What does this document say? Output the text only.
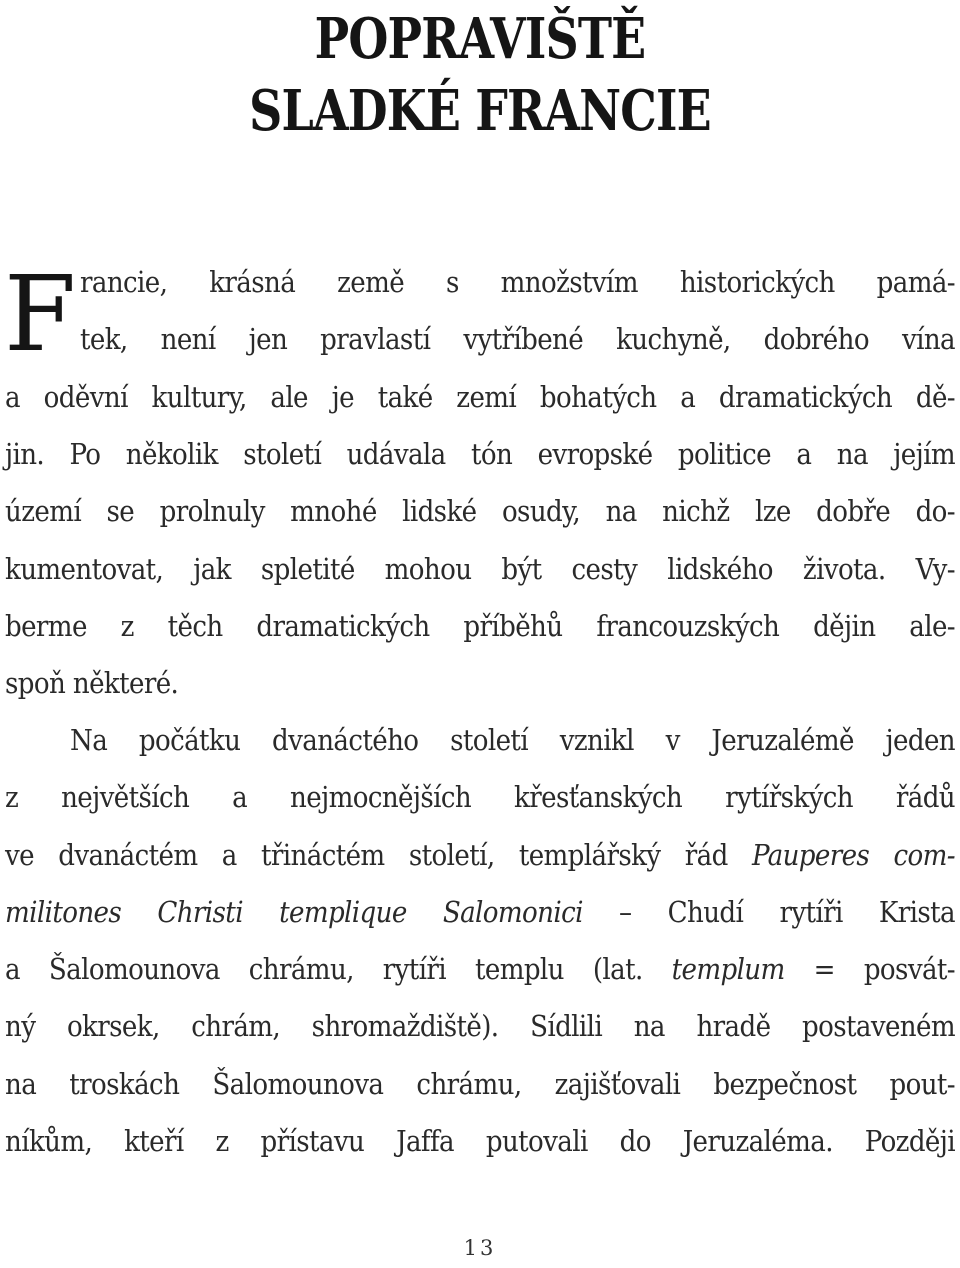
POPRAVIŠTĚ
SLADKÉ FRANCIE
F rancie, krásná země s množstvím historických pamá-
tek, není jen pravlastí vytříbené kuchyně, dobrého vína
a oděvní kultury, ale je také zemí bohatých a dramatických dě-
jin. Po několik století udávala tón evropské politice a na jejím
území se prolnuly mnohé lidské osudy, na nichž lze dobře do-
kumentovat, jak spletité mohou být cesty lidského života. Vy-
berme z těch dramatických příběhů francouzských dějin ale-
spoň některé.
Na počátku dvanáctého století vznikl v Jeruzalémě jeden
z největších a nejmocnějších křesťanských rytířských řádů
ve dvanáctém a třináctém století, templářský řád Pauperes com-
militones Christi templique Salomonici – Chudí rytíři Krista
a Šalomounova chrámu, rytíři templu (lat. templum = posvát-
ný okrsek, chrám, shromaždiště). Sídlili na hradě postaveném
na troskách Šalomounova chrámu, zajišťovali bezpečnost pout-
níkům, kteří z přístavu Jaffa putovali do Jeruzaléma. Později
13
